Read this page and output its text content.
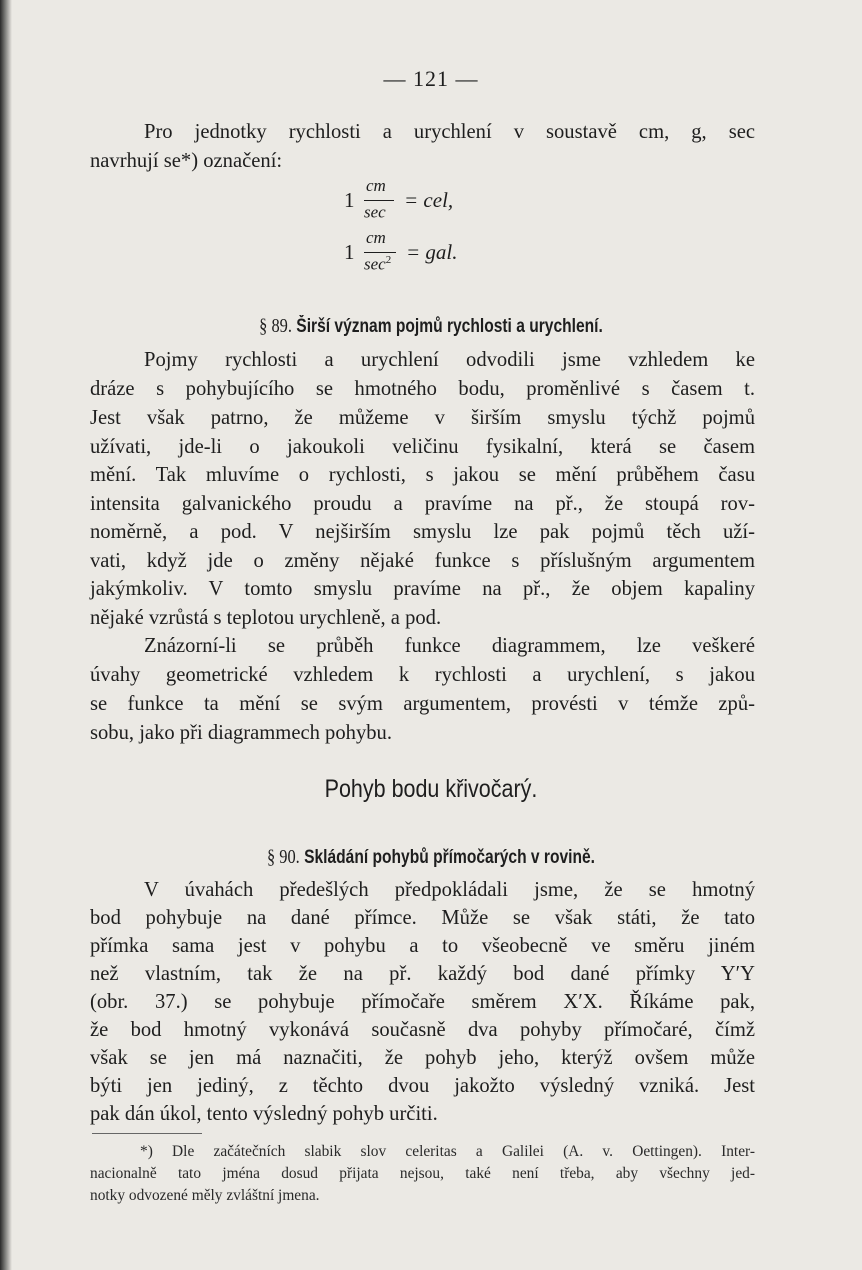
— 121 —
Pro jednotky rychlosti a urychlení v soustavě cm, g, sec
navrhují se*) označení:
1
cm
sec
= cel,
1
cm
$\sec^2$ = gal.
§ 89. Širší význam pojmů rychlosti a urychlení.
Pojmy rychlosti a urychlení odvodili jsme vzhledem ke
dráze s pohybujícího se hmotného bodu, proměnlivé s časem t.
Jest však patrno, že můžeme v širším smyslu týchž pojmů
užívati, jde-li o jakoukoli veličinu fysikalní, která se časem
mění. Tak mluvíme o rychlosti, s jakou se mění průběhem času
intensita galvanického proudu a pravíme na př., že stoupá rov-
noměrně, a pod. V nejširším smyslu lze pak pojmů těch uží-
vati, když jde o změny nějaké funkce s příslušným argumentem
jakýmkoliv. V tomto smyslu pravíme na př., že objem kapaliny
nějaké vzrůstá s teplotou urychleně, a pod.
Znázorní-li se průběh funkce diagrammem, lze veškeré
úvahy geometrické vzhledem k rychlosti a urychlení, s jakou
se funkce ta mění se svým argumentem, provésti v témže způ-
sobu, jako při diagrammech pohybu.
Pohyb bodu křivočarý.
§ 90. Skládání pohybů přímočarých v rovině.
V úvahách předešlých předpokládali jsme, že se hmotný
bod pohybuje na dané přímce. Může se však státi, že tato
přímka sama jest v pohybu a to všeobecně ve směru jiném
než vlastním, tak že na př. každý bod dané přímky Y′Y
(obr. 37.) se pohybuje přímočaře směrem X′X. Říkáme pak,
že bod hmotný vykonává současně dva pohyby přímočaré, čímž
však se jen má naznačiti, že pohyb jeho, kterýž ovšem může
býti jen jediný, z těchto dvou jakožto výsledný vzniká. Jest
pak dán úkol, tento výsledný pohyb určiti.
*) Dle začátečních slabik slov celeritas a Galilei (A. v. Oettingen). Inter-
nacionalně tato jména dosud přijata nejsou, také není třeba, aby všechny jed-
notky odvozené měly zvláštní jmena.
